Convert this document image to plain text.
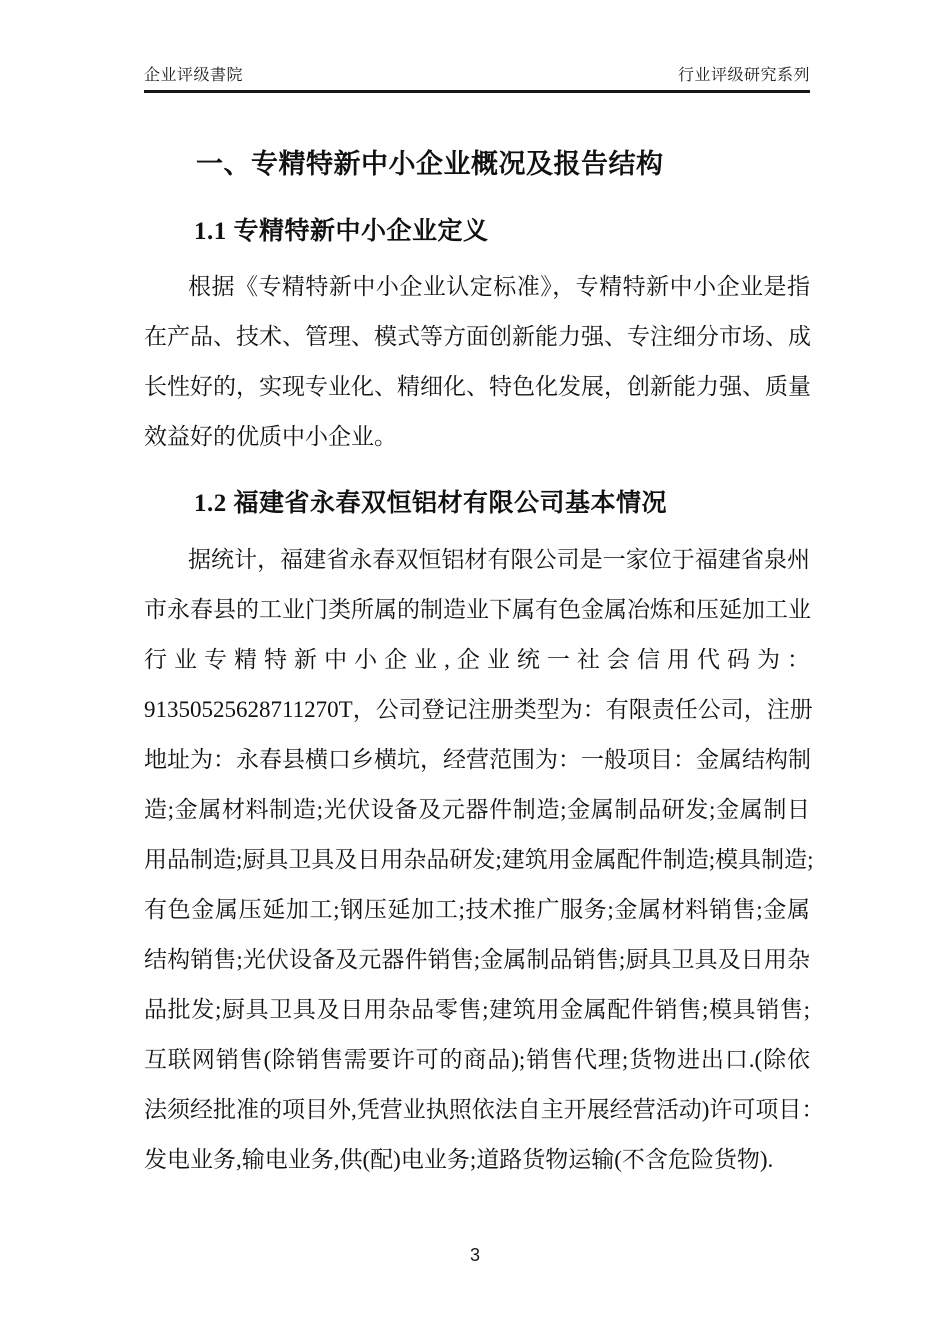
企业评级書院	行业评级研究系列
一、专精特新中小企业概况及报告结构
1.1 专精特新中小企业定义
根据《专精特新中小企业认定标准》，专精特新中小企业是指
在产品、技术、管理、模式等方面创新能力强、专注细分市场、成
长性好的，实现专业化、精细化、特色化发展，创新能力强、质量
效益好的优质中小企业。
1.2 福建省永春双恒铝材有限公司基本情况
据统计，福建省永春双恒铝材有限公司是一家位于福建省泉州
市永春县的工业门类所属的制造业下属有色金属冶炼和压延加工业
行业专精特新中小企业,企业统一社会信用代码为：
91350525628711270T，公司登记注册类型为：有限责任公司，注册
地址为：永春县横口乡横坑，经营范围为：一般项目：金属结构制
造;金属材料制造;光伏设备及元器件制造;金属制品研发;金属制日
用品制造;厨具卫具及日用杂品研发;建筑用金属配件制造;模具制造;
有色金属压延加工;钢压延加工;技术推广服务;金属材料销售;金属
结构销售;光伏设备及元器件销售;金属制品销售;厨具卫具及日用杂
品批发;厨具卫具及日用杂品零售;建筑用金属配件销售;模具销售;
互联网销售(除销售需要许可的商品);销售代理;货物进出口.(除依
法须经批准的项目外,凭营业执照依法自主开展经营活动)许可项目：
发电业务,输电业务,供(配)电业务;道路货物运输(不含危险货物).
3
